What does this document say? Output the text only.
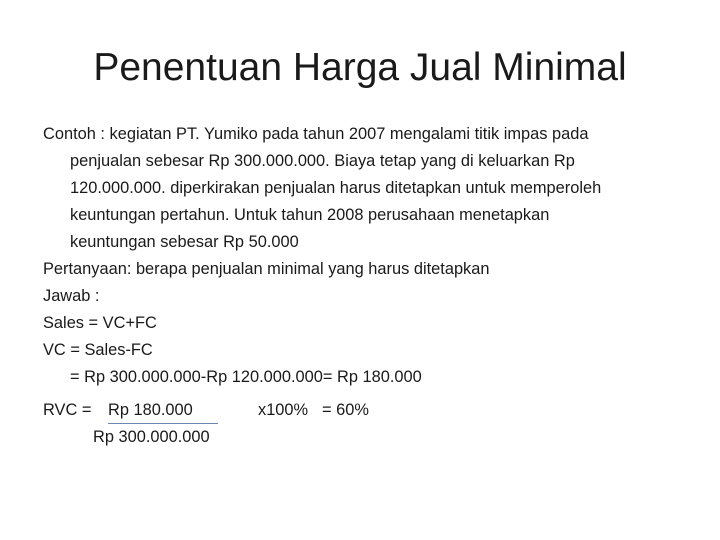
Penentuan Harga Jual Minimal
Contoh : kegiatan PT. Yumiko pada tahun 2007 mengalami titik impas pada
penjualan sebesar Rp 300.000.000. Biaya tetap yang di keluarkan Rp
120.000.000. diperkirakan penjualan harus ditetapkan untuk memperoleh
keuntungan pertahun. Untuk tahun 2008 perusahaan menetapkan
keuntungan sebesar Rp 50.000
Pertanyaan: berapa penjualan minimal yang harus ditetapkan
Jawab :
Sales = VC+FC
VC = Sales-FC
= Rp 300.000.000-Rp 120.000.000= Rp 180.000
RVC = Rp 180.000	x100% = 60%
Rp 300.000.000
